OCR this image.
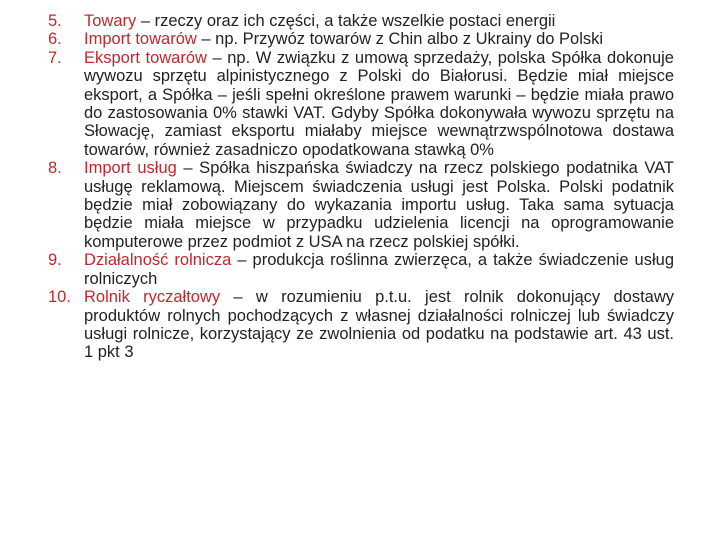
5.	Towary – rzeczy oraz ich części, a także wszelkie postaci energii
6.	Import towarów – np. Przywóz towarów z Chin albo z Ukrainy do Polski
7.	Eksport towarów – np. W związku z umową sprzedaży, polska Spółka dokonuje wywozu sprzętu alpinistycznego z Polski do Białorusi. Będzie miał miejsce eksport, a Spółka – jeśli spełni określone prawem warunki – będzie miała prawo do zastosowania 0% stawki VAT. Gdyby Spółka dokonywała wywozu sprzętu na Słowację, zamiast eksportu miałaby miejsce wewnątrzwspólnotowa dostawa towarów, również zasadniczo opodatkowana stawką 0%
8.	Import usług – Spółka hiszpańska świadczy na rzecz polskiego podatnika VAT usługę reklamową. Miejscem świadczenia usługi jest Polska. Polski podatnik będzie miał zobowiązany do wykazania importu usług. Taka sama sytuacja będzie miała miejsce w przypadku udzielenia licencji na oprogramowanie komputerowe przez podmiot z USA na rzecz polskiej spółki.
9.	Działalność rolnicza – produkcja roślinna zwierzęca, a także świadczenie usług rolniczych
10. Rolnik ryczałtowy – w rozumieniu p.t.u. jest rolnik dokonujący dostawy produktów rolnych pochodzących z własnej działalności rolniczej lub świadczy usługi rolnicze, korzystający ze zwolnienia od podatku na podstawie art. 43 ust. 1 pkt 3
